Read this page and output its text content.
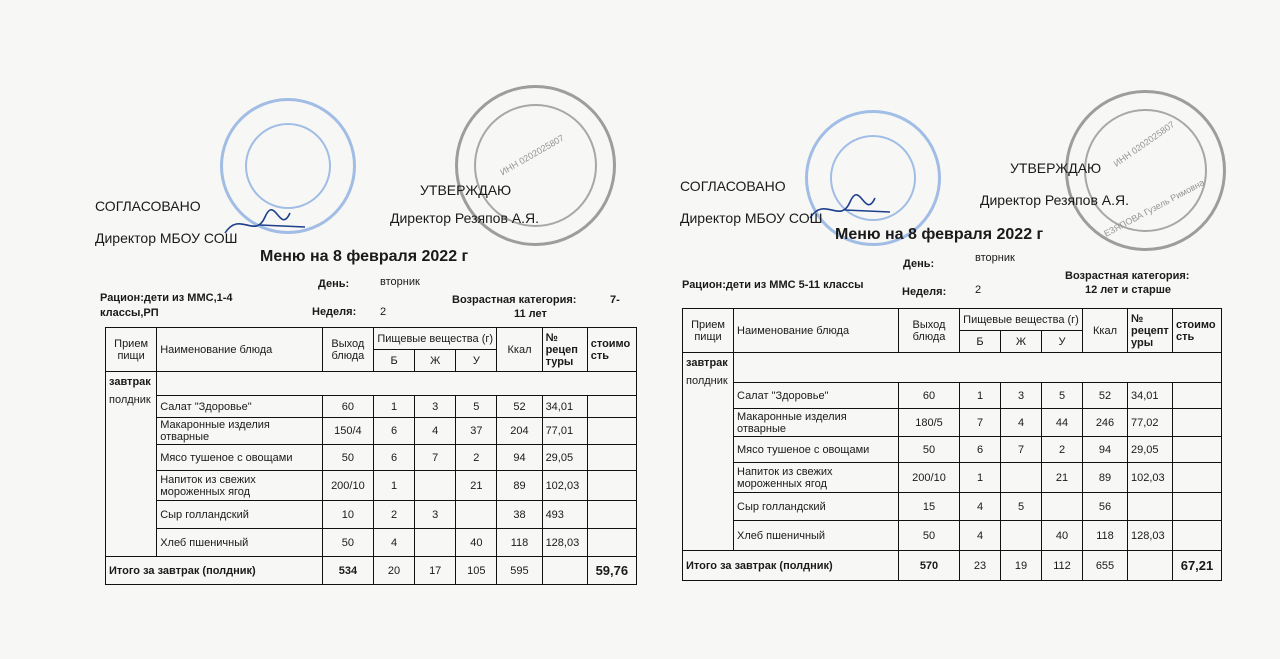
ИНН 0202025807
СОГЛАСОВАНО
Директор МБОУ СОШ
УТВЕРЖДАЮ
Директор Резяпов А.Я.
Меню на 8 февраля 2022 г
День:	вторник
Рацион:дети из ММС,1-4 классы,РП	Неделя: 2
Возрастная категория:	7-
11 лет
Прием пищи	Наименование блюда	Выход блюда	Пищевые вещества (г)			Ккал	№ рецеп туры	стоимо сть
			Б	Ж	У			

завтрак
полдник								

	Салат "Здоровье"	60	1	3	5	52	34,01	
	Макаронные изделия отварные	150/4	6	4	37	204	77,01	
	Мясо тушеное с овощами	50	6	7	2	94	29,05	
	Напиток из свежих мороженных ягод	200/10	1		21	89	102,03	
	Сыр голландский	10	2	3		38	493	
	Хлеб пшеничный	50	4		40	118	128,03	
Итого за завтрак (полдник)		534	20	17	105	595		59,76
ИНН 0202025807
ЕЗЯПОВА Гузель Римовна
СОГЛАСОВАНО
Директор МБОУ СОШ
УТВЕРЖДАЮ
Директор Резяпов А.Я.
Меню на 8 февраля 2022 г
День:	вторник
Рацион:дети из ММС 5-11 классы
Неделя:	2
Возрастная категория:
12 лет и старше
Прием пищи	Наименование блюда	Выход блюда	Пищевые вещества (г)			Ккал	№ рецепт уры	стоимо сть
			Б	Ж	У			

завтрак
полдник								

	Салат "Здоровье"	60	1	3	5	52	34,01	
	Макаронные изделия отварные	180/5	7	4	44	246	77,02	
	Мясо тушеное с овощами	50	6	7	2	94	29,05	
	Напиток из свежих мороженных ягод	200/10	1		21	89	102,03	
	Сыр голландский	15	4	5		56		
	Хлеб пшеничный	50	4		40	118	128,03	
Итого за завтрак (полдник)		570	23	19	112	655		67,21
